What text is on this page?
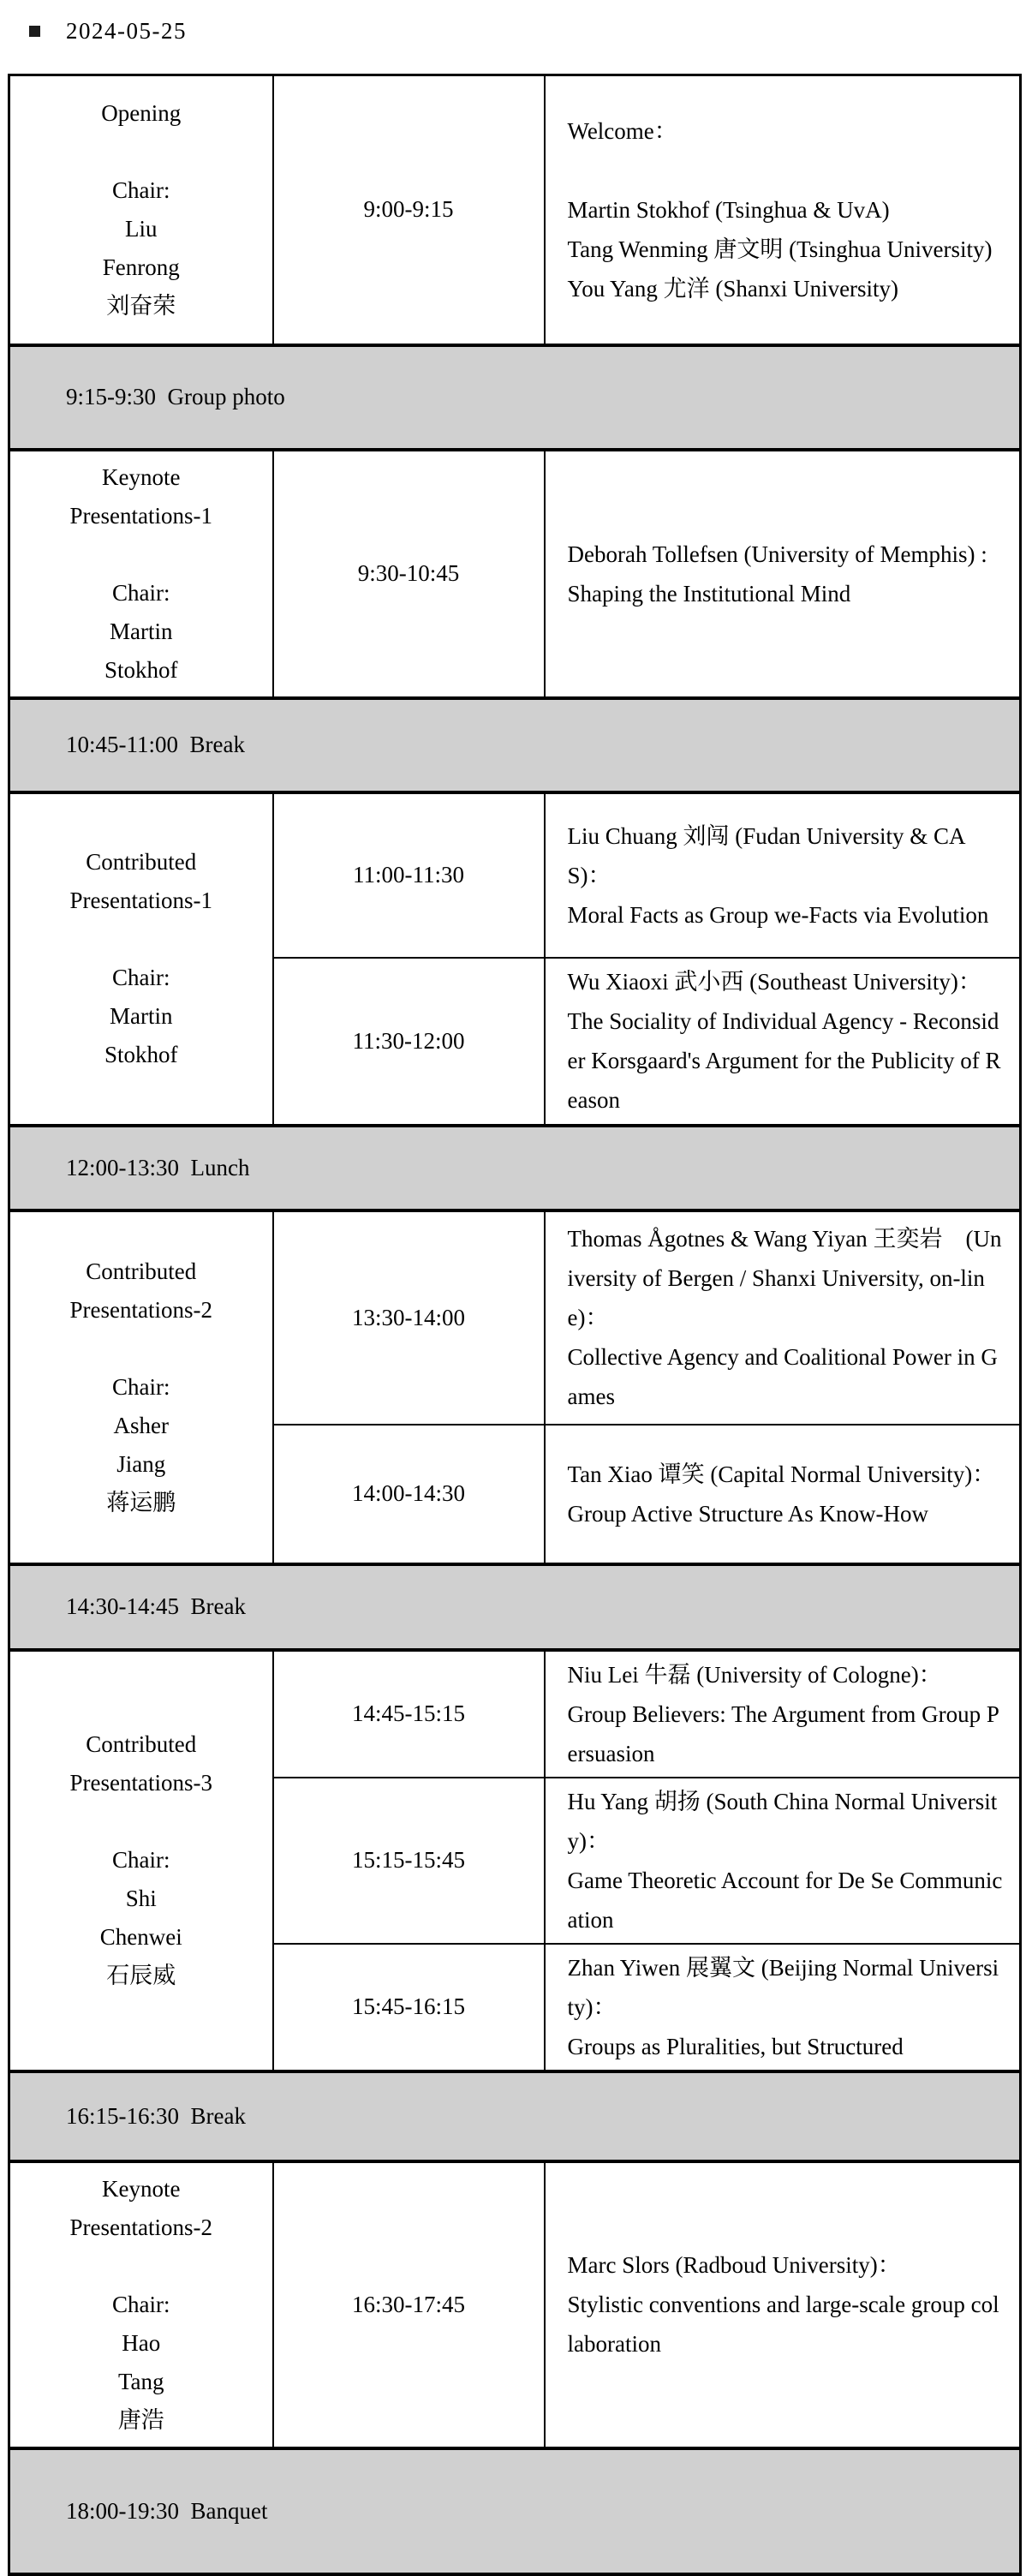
2024-05-25
Opening

Chair:
Liu
Fenrong
刘奋荣	9:00-9:15	Welcome：

Martin Stokhof (Tsinghua & UvA)
Tang Wenming 唐文明 (Tsinghua University)
You Yang 尤洋 (Shanxi University)
9:15-9:30  Group photo		
Keynote
Presentations-1

Chair:
Martin
Stokhof	9:30-10:45	Deborah Tollefsen (University of Memphis) :
Shaping the Institutional Mind
10:45-11:00  Break		
Contributed
Presentations-1

Chair:
Martin
Stokhof	11:00-11:30	Liu Chuang 刘闯 (Fudan University & CAS)：
Moral Facts as Group we-Facts via Evolution
	11:30-12:00	Wu Xiaoxi 武小西 (Southeast University)：
The Sociality of Individual Agency - Reconsider Korsgaard's Argument for the Publicity of Reason
12:00-13:30  Lunch		
Contributed
Presentations-2

Chair:
Asher
Jiang
蒋运鹏	13:30-14:00	Thomas Ågotnes & Wang Yiyan 王奕岩　(University of Bergen / Shanxi University, on-line)：
Collective Agency and Coalitional Power in Games
	14:00-14:30	Tan Xiao 谭笑 (Capital Normal University)：
Group Active Structure As Know-How
14:30-14:45  Break		
Contributed
Presentations-3

Chair:
Shi
Chenwei
石辰威	14:45-15:15	Niu Lei 牛磊 (University of Cologne)：
Group Believers: The Argument from Group Persuasion
	15:15-15:45	Hu Yang 胡扬 (South China Normal University)：
Game Theoretic Account for De Se Communication
	15:45-16:15	Zhan Yiwen 展翼文 (Beijing Normal University)：
Groups as Pluralities, but Structured
16:15-16:30  Break		
Keynote
Presentations-2

Chair:
Hao
Tang
唐浩	16:30-17:45	Marc Slors (Radboud University)：
Stylistic conventions and large-scale group collaboration
18:00-19:30  Banquet		
